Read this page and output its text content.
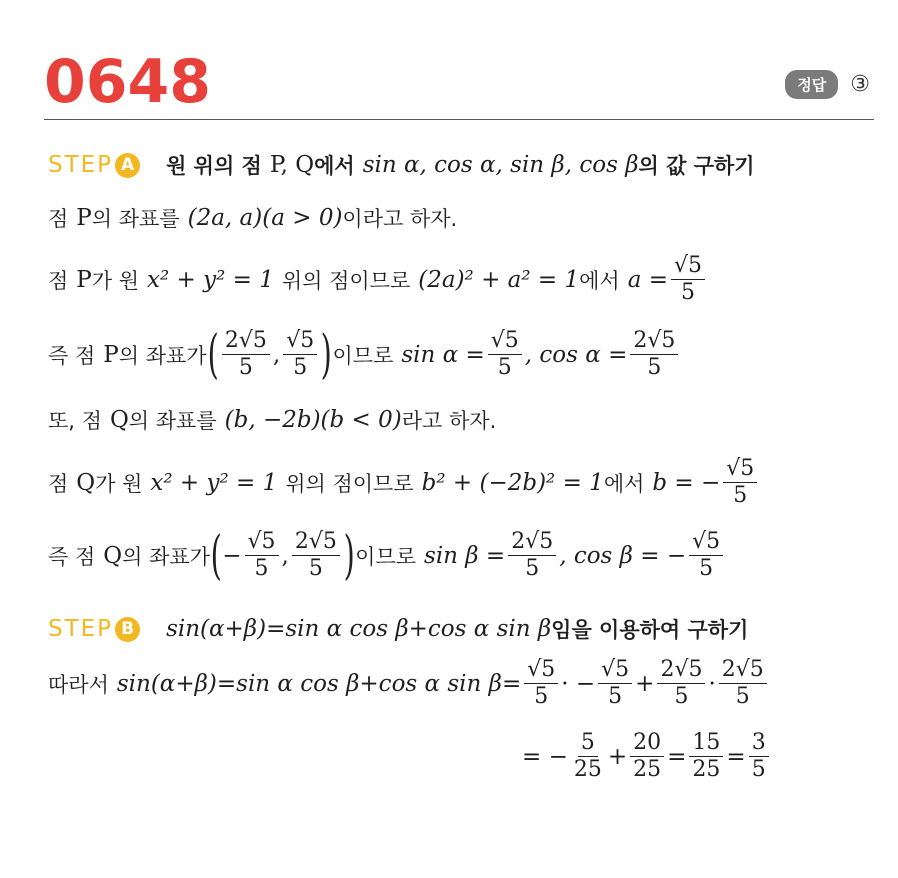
0648	정답	③
STEP A 원 위의 점 P, Q 에서 sin α, cos α, sin β, cos β 의 값 구하기
점 P 의 좌표를 (2a, a)(a > 0) 이라고 하자.
점 P 가 원 x² + y² = 1 위의 점이므로 (2a)² + a² = 1 에서 $a = \frac{√5}{5}$
즉 점 P 의 좌표가 ( $\frac{2√5}{5}$ , $\frac{√5}{5}$ ) 이므로 $\sin \alpha = \frac{√5}{5}$ , $\cos \alpha = \frac{2√5}{5}$
또, 점 Q 의 좌표를 (b, −2b)(b < 0) 라고 하자.
점 Q 가 원 x² + y² = 1 위의 점이므로 b² + (−2b)² = 1 에서 b = − $\frac{√5}{5}$
즉 점 Q 의 좌표가 ( − $\frac{√5}{5}$ , $\frac{2√5}{5}$ ) 이므로 $\sin \beta = \frac{2√5}{5}$ , cos β = − $\frac{√5}{5}$
STEP B sin(α+β)=sin α cos β+cos α sin β 임을 이용하여 구하기
따라서 sin(α+β)=sin α cos β+cos α $\sin \beta= \frac{√5}{5}$ · − $\frac{√5}{5} + \frac{2√5}{5} \cdot \frac{2√5}{5}$
= − $\frac{5}{25} + \frac{20}{25} = \frac{15}{25} = \frac{3}{5}$
